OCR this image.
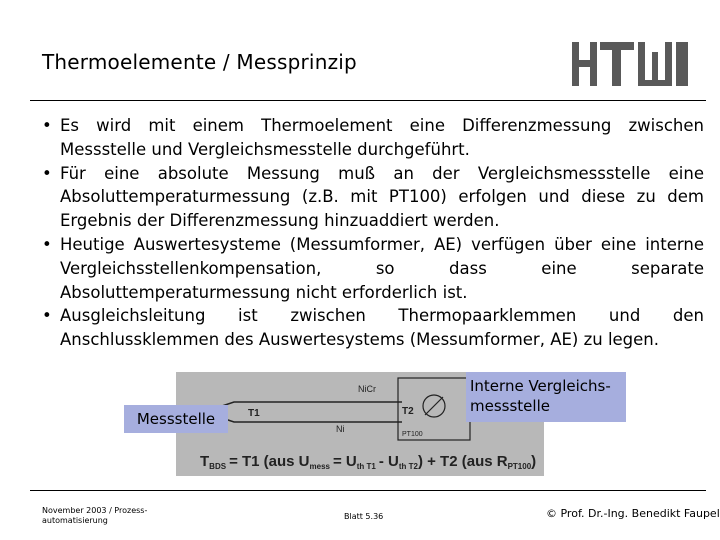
Thermoelemente / Messprinzip
• Es wird mit einem Thermoelement eine Differenzmessung zwischen Messstelle und Vergleichsmesstelle durchgeführt.
• Für eine absolute Messung muß an der Vergleichsmessstelle eine Absoluttemperaturmessung (z.B. mit PT100) erfolgen und diese zu dem Ergebnis der Differenzmessung hinzuaddiert werden.
• Heutige Auswertesysteme (Messumformer, AE) verfügen über eine interne Vergleichsstellenkompensation, so dass eine separate Absoluttemperaturmessung nicht erforderlich ist.
• Ausgleichsleitung ist zwischen Thermopaarklemmen und den Anschlussklemmen des Auswertesystems (Messumformer, AE) zu legen.
NiCr
Ni
T1	T2
PT100
$T_{BDS} = T1$ (aus $U_{mess} = U_{th T1} - U_{th T2}) + T2$ (aus $R_{PT100}$)
Messstelle
Interne Vergleichs-messstelle
November 2003 / Prozess-automatisierung	Blatt 5.36	© Prof. Dr.-Ing. Benedikt Faupel
